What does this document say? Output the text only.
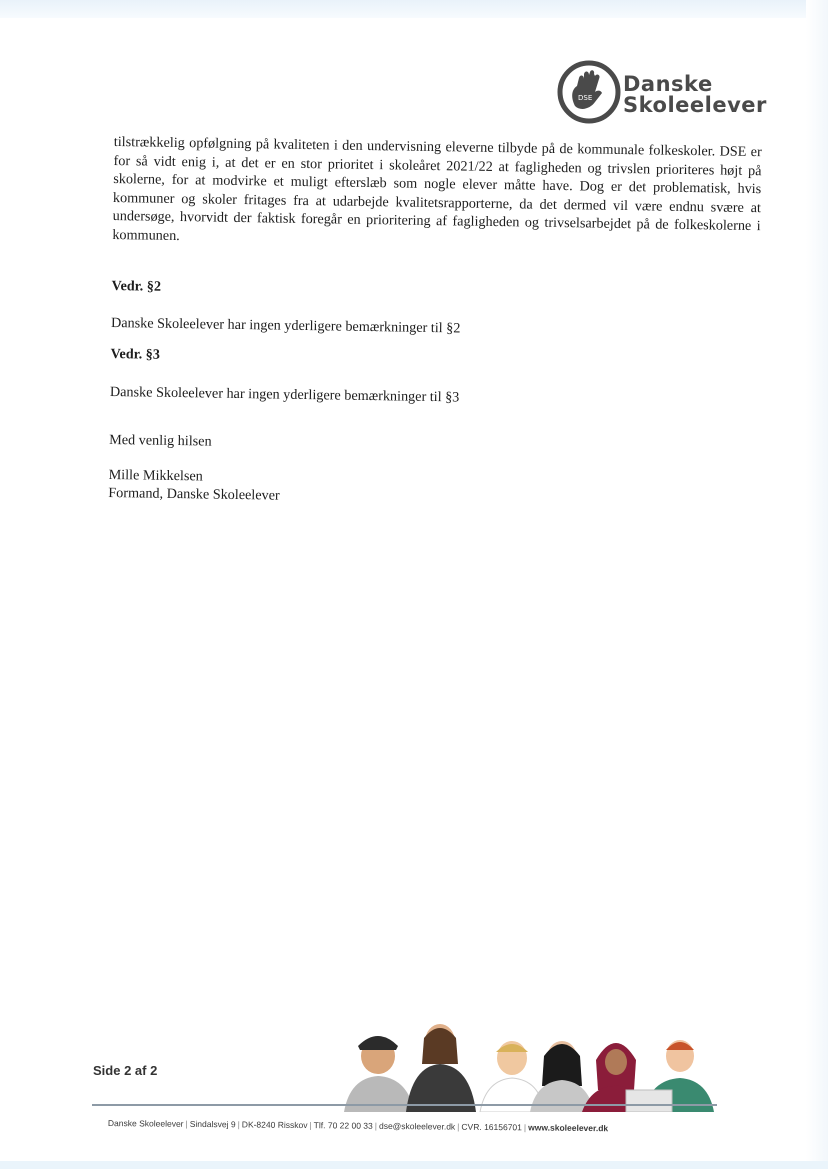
DSE
Danske
Skoleelever

tilstrækkelig opfølgning på kvaliteten i den undervisning eleverne tilbyde på de kommunale folkeskoler. DSE er for så vidt enig i, at det er en stor prioritet i skoleåret 2021/22 at fagligheden og trivslen prioriteres højt på skolerne, for at modvirke et muligt efterslæb som nogle elever måtte have. Dog er det problematisk, hvis kommuner og skoler fritages fra at udarbejde kvalitetsrapporterne, da det dermed vil være endnu svære at undersøge, hvorvidt der faktisk foregår en prioritering af fagligheden og trivselsarbejdet på de folkeskolerne i kommunen.

Vedr. §2

Danske Skoleelever har ingen yderligere bemærkninger til §2

Vedr. §3

Danske Skoleelever har ingen yderligere bemærkninger til §3

Med venlig hilsen

Mille Mikkelsen

Formand, Danske Skoleelever

Side 2 af 2
Danske Skoleelever | Sindalsvej 9 | DK-8240 Risskov | Tlf. 70 22 00 33 | dse@skoleelever.dk | CVR. 16156701 | www.skoleelever.dk
